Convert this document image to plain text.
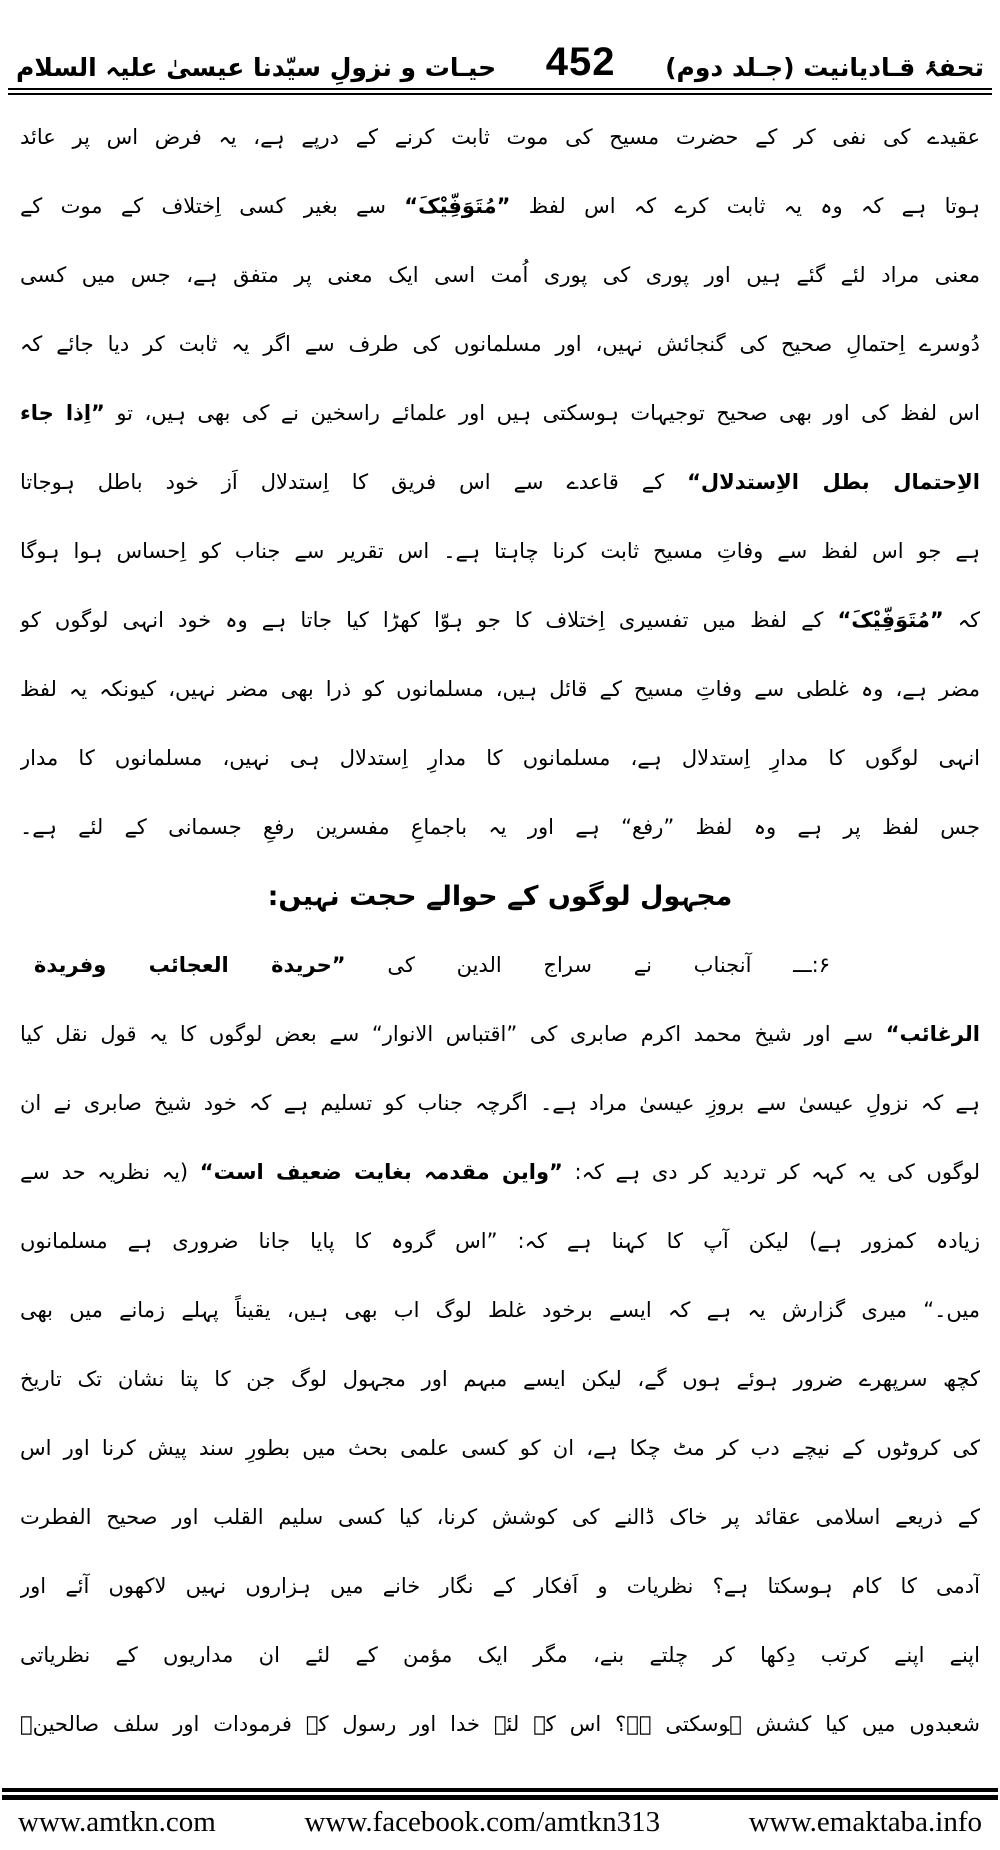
تحفۂ قـادیانیت (جـلد دوم)
452
حیـات و نزولِ سیّدنا عیسیٰ علیہ السلام
عقیدے کی نفی کر کے حضرت مسیح کی موت ثابت کرنے کے درپے ہے، یہ فرض اس پر عائد
ہوتا ہے کہ وہ یہ ثابت کرے کہ اس لفظ ”مُتَوَفِّیْکَ“ سے بغیر کسی اِختلاف کے موت کے
معنی مراد لئے گئے ہیں اور پوری کی پوری اُمت اسی ایک معنی پر متفق ہے، جس میں کسی
دُوسرے اِحتمالِ صحیح کی گنجائش نہیں، اور مسلمانوں کی طرف سے اگر یہ ثابت کر دیا جائے کہ
اس لفظ کی اور بھی صحیح توجیہات ہوسکتی ہیں اور علمائے راسخین نے کی بھی ہیں، تو ”اِذا جاء
الاِحتمال بطل الاِستدلال“ کے قاعدے سے اس فریق کا اِستدلال اَز خود باطل ہوجاتا
ہے جو اس لفظ سے وفاتِ مسیح ثابت کرنا چاہتا ہے۔ اس تقریر سے جناب کو اِحساس ہوا ہوگا
کہ ”مُتَوَفِّیْکَ“ کے لفظ میں تفسیری اِختلاف کا جو ہوّا کھڑا کیا جاتا ہے وہ خود انہی لوگوں کو
مضر ہے، وہ غلطی سے وفاتِ مسیح کے قائل ہیں، مسلمانوں کو ذرا بھی مضر نہیں، کیونکہ یہ لفظ
انہی لوگوں کا مدارِ اِستدلال ہے، مسلمانوں کا مدارِ اِستدلال ہی نہیں، مسلمانوں کا مدار
جس لفظ پر ہے وہ لفظ ”رفع“ ہے اور یہ باجماعِ مفسرین رفعِ جسمانی کے لئے ہے۔
مجہول لوگوں کے حوالے حجت نہیں:
۶:ـــ آنجناب نے سراج الدین کی ”حریدة العجائب وفریدة
الرغائب“ سے اور شیخ محمد اکرم صابری کی ”اقتباس الانوار“ سے بعض لوگوں کا یہ قول نقل کیا
ہے کہ نزولِ عیسیٰ سے بروزِ عیسیٰ مراد ہے۔ اگرچہ جناب کو تسلیم ہے کہ خود شیخ صابری نے ان
لوگوں کی یہ کہہ کر تردید کر دی ہے کہ: ”واین مقدمہ بغایت ضعیف است“ (یہ نظریہ حد سے
زیادہ کمزور ہے) لیکن آپ کا کہنا ہے کہ: ”اس گروہ کا پایا جانا ضروری ہے مسلمانوں
میں۔“ میری گزارش یہ ہے کہ ایسے برخود غلط لوگ اب بھی ہیں، یقیناً پہلے زمانے میں بھی
کچھ سرپھرے ضرور ہوئے ہوں گے، لیکن ایسے مبہم اور مجہول لوگ جن کا پتا نشان تک تاریخ
کی کروٹوں کے نیچے دب کر مٹ چکا ہے، ان کو کسی علمی بحث میں بطورِ سند پیش کرنا اور اس
کے ذریعے اسلامی عقائد پر خاک ڈالنے کی کوشش کرنا، کیا کسی سلیم القلب اور صحیح الفطرت
آدمی کا کام ہوسکتا ہے؟ نظریات و اَفکار کے نگار خانے میں ہزاروں نہیں لاکھوں آئے اور
اپنے اپنے کرتب دِکھا کر چلتے بنے، مگر ایک مؤمن کے لئے ان مداریوں کے نظریاتی
شعبدوں میں کیا کشش ہوسکتی ہے؟ اس کے لئے خدا اور رسول کے فرمودات اور سلف صالحینؒ
www.amtkn.com	www.facebook.com/amtkn313	www.emaktaba.info
